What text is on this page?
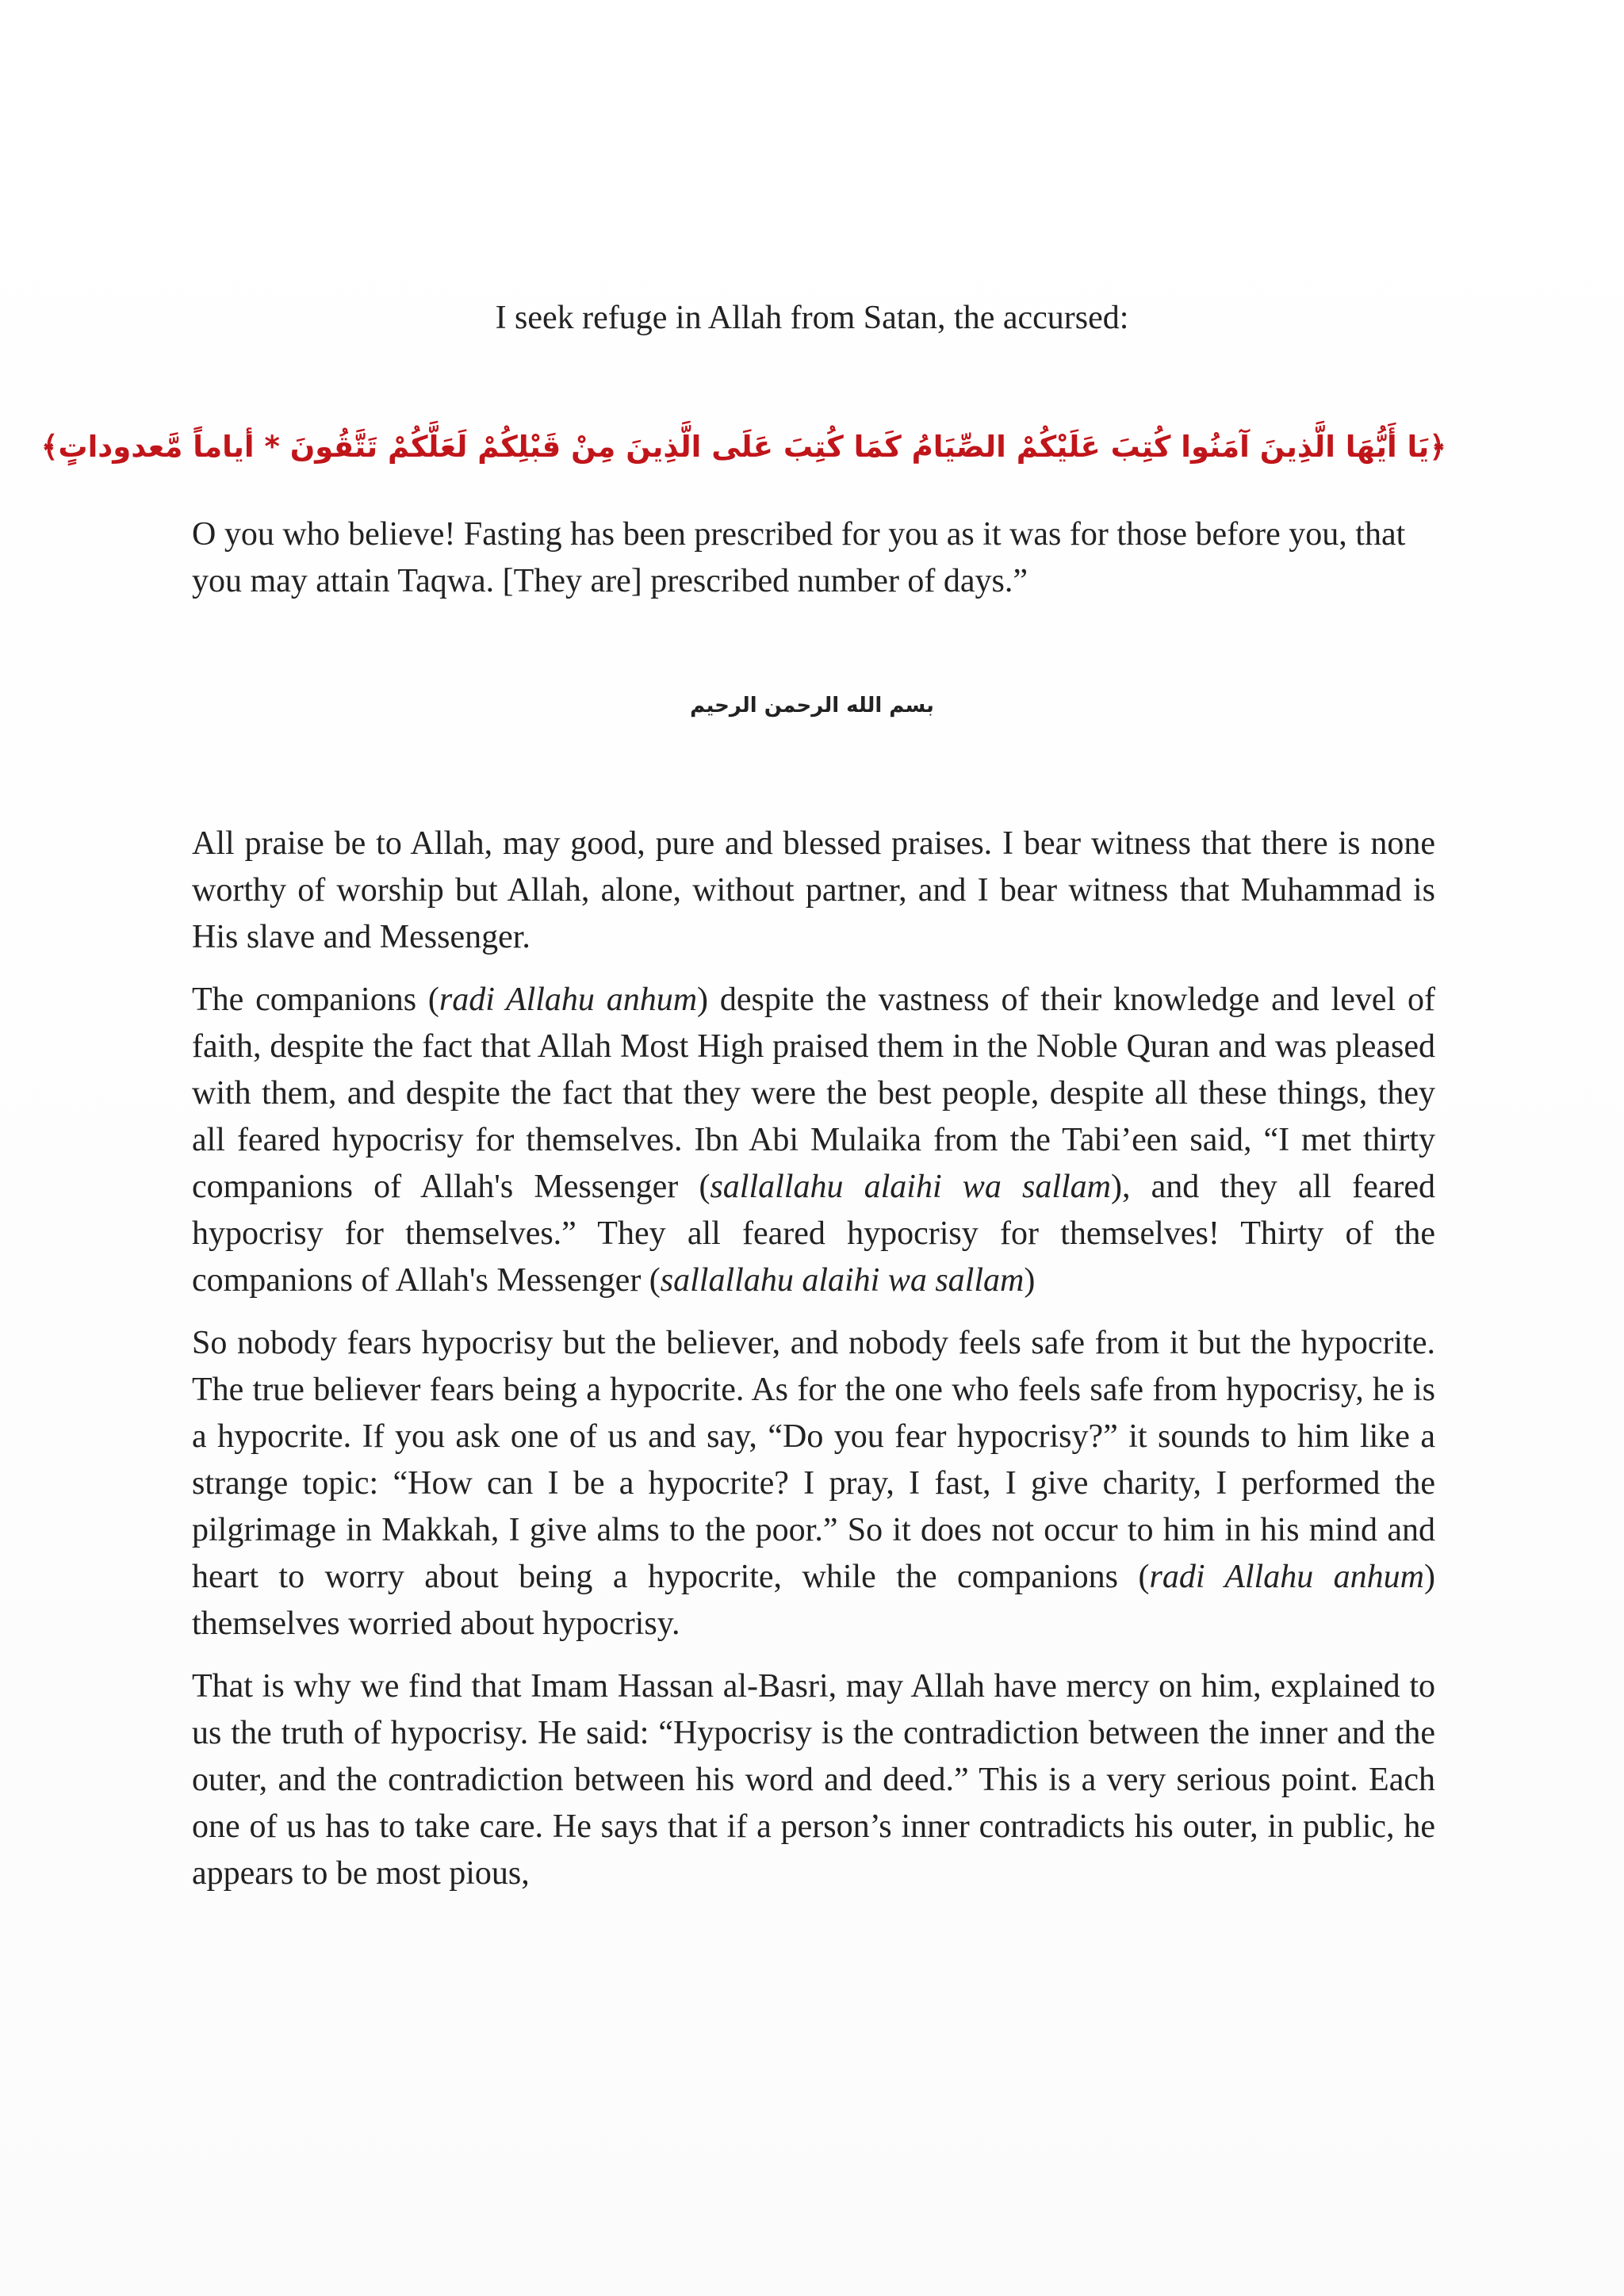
I seek refuge in Allah from Satan, the accursed:
﴿يَا أَيُّهَا الَّذِينَ آمَنُوا كُتِبَ عَلَيْكُمْ الصِّيَامُ كَمَا كُتِبَ عَلَى الَّذِينَ مِنْ قَبْلِكُمْ لَعَلَّكُمْ تَتَّقُونَ * أياماً مَّعدوداتٍ﴾
O you who believe! Fasting has been prescribed for you as it was for those before you, that you may attain Taqwa. [They are] prescribed number of days.”
بسم الله الرحمن الرحيم

All praise be to Allah, may good, pure and blessed praises. I bear witness that there is none worthy of worship but Allah, alone, without partner, and I bear witness that Muhammad is His slave and Messenger.

The companions (radi Allahu anhum) despite the vastness of their knowledge and level of faith, despite the fact that Allah Most High praised them in the Noble Quran and was pleased with them, and despite the fact that they were the best people, despite all these things, they all feared hypocrisy for themselves. Ibn Abi Mulaika from the Tabi’een said, “I met thirty companions of Allah's Messenger (sallallahu alaihi wa sallam), and they all feared hypocrisy for themselves.” They all feared hypocrisy for themselves! Thirty of the companions of Allah's Messenger (sallallahu alaihi wa sallam)

So nobody fears hypocrisy but the believer, and nobody feels safe from it but the hypocrite. The true believer fears being a hypocrite. As for the one who feels safe from hypocrisy, he is a hypocrite. If you ask one of us and say, “Do you fear hypocrisy?” it sounds to him like a strange topic: “How can I be a hypocrite? I pray, I fast, I give charity, I performed the pilgrimage in Makkah, I give alms to the poor.” So it does not occur to him in his mind and heart to worry about being a hypocrite, while the companions (radi Allahu anhum) themselves worried about hypocrisy.

That is why we find that Imam Hassan al-Basri, may Allah have mercy on him, explained to us the truth of hypocrisy. He said: “Hypocrisy is the contradiction between the inner and the outer, and the contradiction between his word and deed.” This is a very serious point. Each one of us has to take care. He says that if a person’s inner contradicts his outer, in public, he appears to be most pious,
